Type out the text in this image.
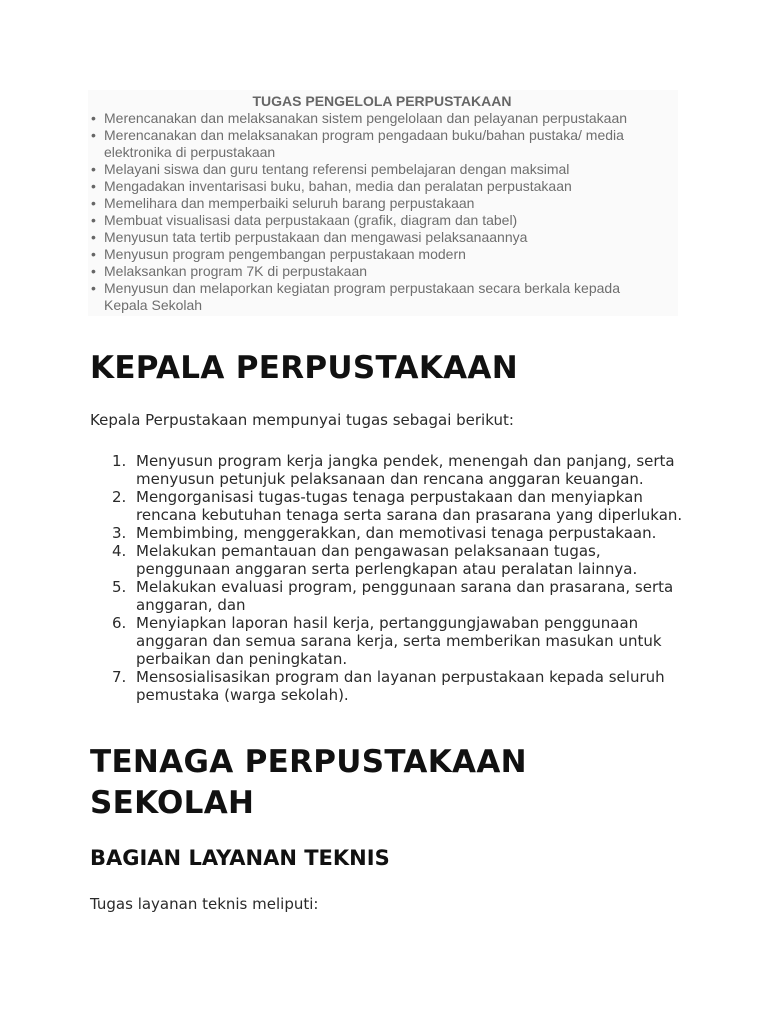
TUGAS PENGELOLA PERPUSTAKAAN
• Merencanakan dan melaksanakan sistem pengelolaan dan pelayanan perpustakaan
• Merencanakan dan melaksanakan program pengadaan buku/bahan pustaka/ media elektronika di perpustakaan
• Melayani siswa dan guru tentang referensi pembelajaran dengan maksimal
• Mengadakan inventarisasi buku, bahan, media dan peralatan perpustakaan
• Memelihara dan memperbaiki seluruh barang perpustakaan
• Membuat visualisasi data perpustakaan (grafik, diagram dan tabel)
• Menyusun tata tertib perpustakaan dan mengawasi pelaksanaannya
• Menyusun program pengembangan perpustakaan modern
• Melaksankan program 7K di perpustakaan
• Menyusun dan melaporkan kegiatan program perpustakaan secara berkala kepada Kepala Sekolah
KEPALA PERPUSTAKAAN

Kepala Perpustakaan mempunyai tugas sebagai berikut:

1. Menyusun program kerja jangka pendek, menengah dan panjang, serta menyusun petunjuk pelaksanaan dan rencana anggaran keuangan.
2. Mengorganisasi tugas-tugas tenaga perpustakaan dan menyiapkan rencana kebutuhan tenaga serta sarana dan prasarana yang diperlukan.
3. Membimbing, menggerakkan, dan memotivasi tenaga perpustakaan.
4. Melakukan pemantauan dan pengawasan pelaksanaan tugas, penggunaan anggaran serta perlengkapan atau peralatan lainnya.
5. Melakukan evaluasi program, penggunaan sarana dan prasarana, serta anggaran, dan
6. Menyiapkan laporan hasil kerja, pertanggungjawaban penggunaan anggaran dan semua sarana kerja, serta memberikan masukan untuk perbaikan dan peningkatan.
7. Mensosialisasikan program dan layanan perpustakaan kepada seluruh pemustaka (warga sekolah).
TENAGA PERPUSTAKAAN
SEKOLAH
BAGIAN LAYANAN TEKNIS

Tugas layanan teknis meliputi:
